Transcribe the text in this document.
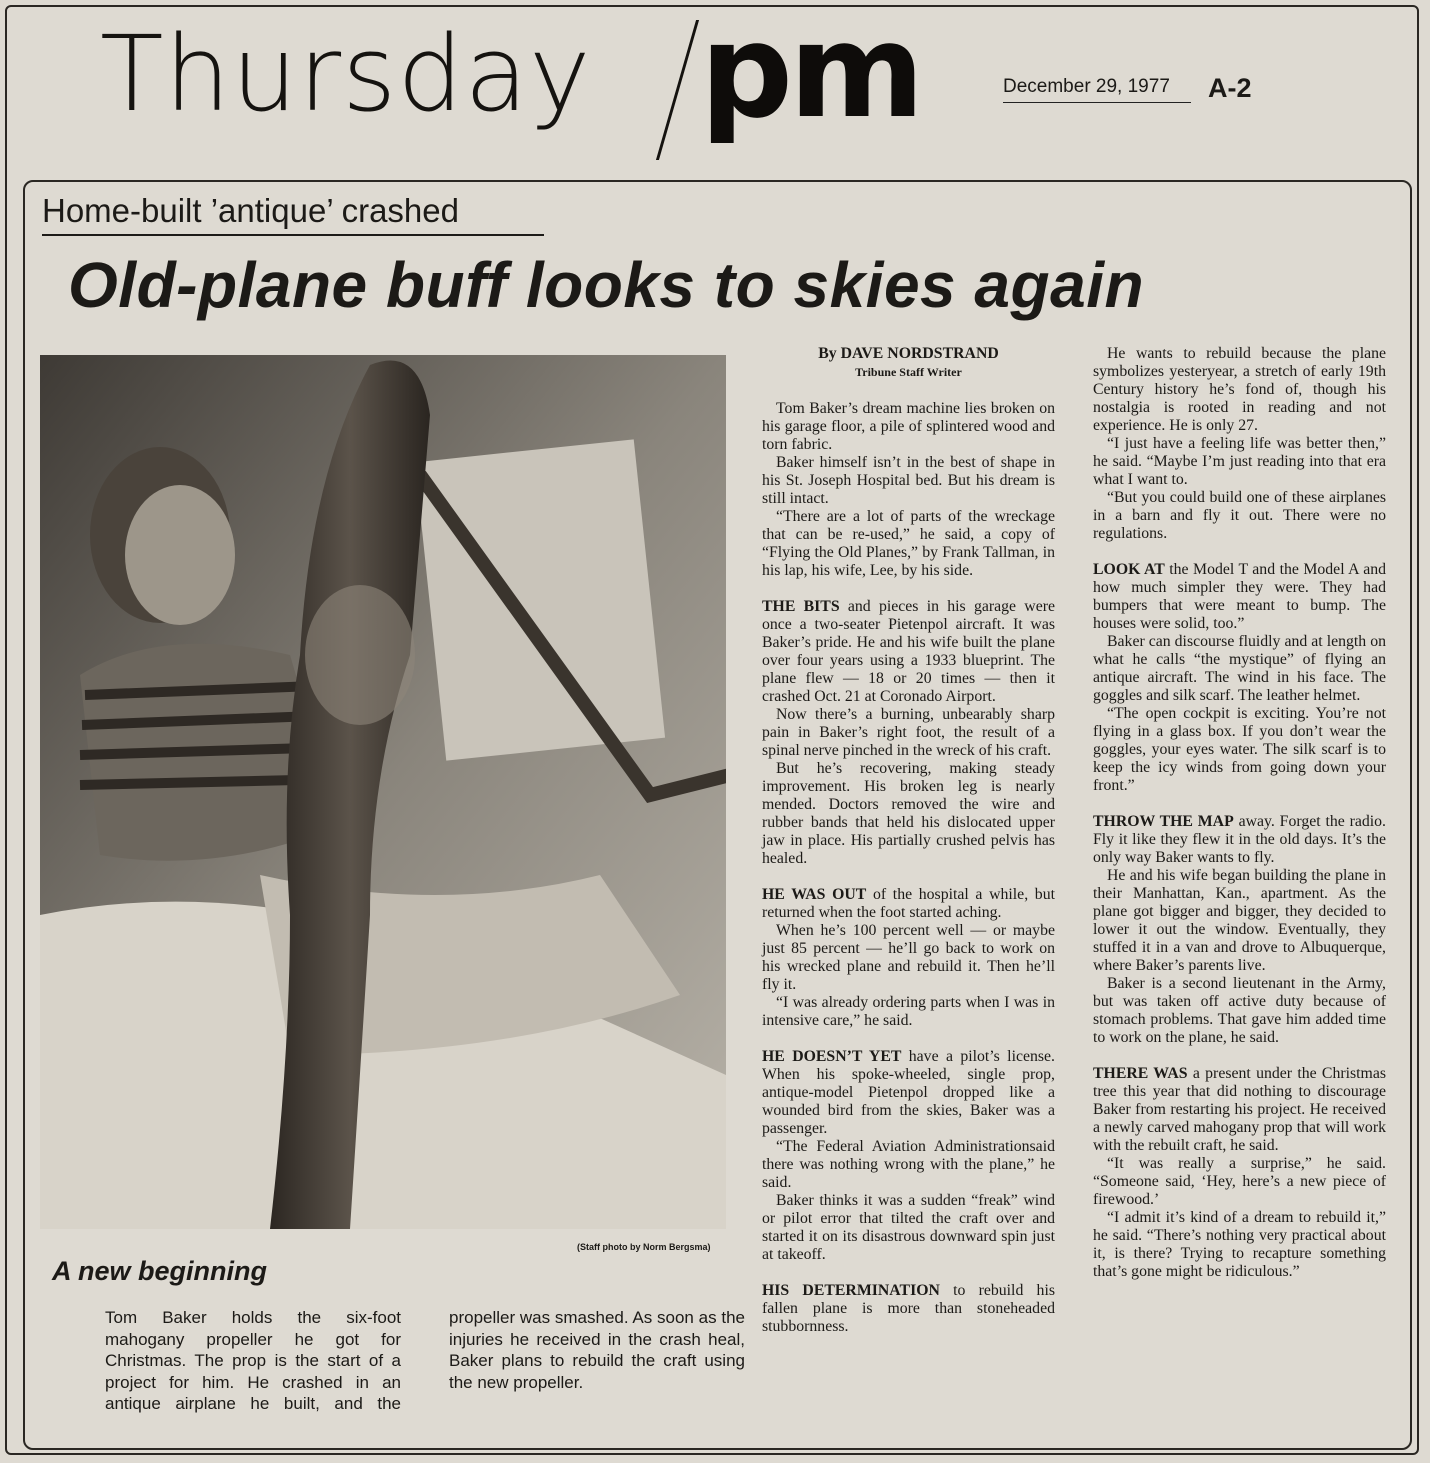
Thursday pm	December 29, 1977	A-2
Home-built ’antique’ crashed
Old-plane buff looks to skies again
(Staff photo by Norm Bergsma)
A new beginning
Tom Baker holds the six-foot mahogany propeller he got for Christmas. The prop is the start of a project for him. He crashed in an antique airplane he built, and the propeller was smashed. As soon as the injuries he received in the crash heal, Baker plans to rebuild the craft using the new propeller.
By DAVE NORDSTRAND
Tribune Staff Writer

Tom Baker’s dream machine lies broken on his garage floor, a pile of splintered wood and torn fabric.

Baker himself isn’t in the best of shape in his St. Joseph Hospital bed. But his dream is still intact.

“There are a lot of parts of the wreckage that can be re-used,” he said, a copy of “Flying the Old Planes,” by Frank Tallman, in his lap, his wife, Lee, by his side.

THE BITS and pieces in his garage were once a two-seater Pietenpol aircraft. It was Baker’s pride. He and his wife built the plane over four years using a 1933 blueprint. The plane flew — 18 or 20 times — then it crashed Oct. 21 at Coronado Airport.

Now there’s a burning, unbearably sharp pain in Baker’s right foot, the result of a spinal nerve pinched in the wreck of his craft.

But he’s recovering, making steady improvement. His broken leg is nearly mended. Doctors removed the wire and rubber bands that held his dislocated upper jaw in place. His partially crushed pelvis has healed.

HE WAS OUT of the hospital a while, but returned when the foot started aching.

When he’s 100 percent well — or maybe just 85 percent — he’ll go back to work on his wrecked plane and rebuild it. Then he’ll fly it.

“I was already ordering parts when I was in intensive care,” he said.

HE DOESN’T YET have a pilot’s license. When his spoke-wheeled, single prop, antique-model Pietenpol dropped like a wounded bird from the skies, Baker was a passenger.

“The Federal Aviation Administrationsaid there was nothing wrong with the plane,” he said.

Baker thinks it was a sudden “freak” wind or pilot error that tilted the craft over and started it on its disastrous downward spin just at takeoff.

HIS DETERMINATION to rebuild his fallen plane is more than stoneheaded stubbornness.

He wants to rebuild because the plane symbolizes yesteryear, a stretch of early 19th Century history he’s fond of, though his nostalgia is rooted in reading and not experience. He is only 27.

“I just have a feeling life was better then,” he said. “Maybe I’m just reading into that era what I want to.

“But you could build one of these airplanes in a barn and fly it out. There were no regulations.

LOOK AT the Model T and the Model A and how much simpler they were. They had bumpers that were meant to bump. The houses were solid, too.”

Baker can discourse fluidly and at length on what he calls “the mystique” of flying an antique aircraft. The wind in his face. The goggles and silk scarf. The leather helmet.

“The open cockpit is exciting. You’re not flying in a glass box. If you don’t wear the goggles, your eyes water. The silk scarf is to keep the icy winds from going down your front.”

THROW THE MAP away. Forget the radio. Fly it like they flew it in the old days. It’s the only way Baker wants to fly.

He and his wife began building the plane in their Manhattan, Kan., apartment. As the plane got bigger and bigger, they decided to lower it out the window. Eventually, they stuffed it in a van and drove to Albuquerque, where Baker’s parents live.

Baker is a second lieutenant in the Army, but was taken off active duty because of stomach problems. That gave him added time to work on the plane, he said.

THERE WAS a present under the Christmas tree this year that did nothing to discourage Baker from restarting his project. He received a newly carved mahogany prop that will work with the rebuilt craft, he said.

“It was really a surprise,” he said. “Someone said, ‘Hey, here’s a new piece of firewood.’

“I admit it’s kind of a dream to rebuild it,” he said. “There’s nothing very practical about it, is there? Trying to recapture something that’s gone might be ridiculous.”
